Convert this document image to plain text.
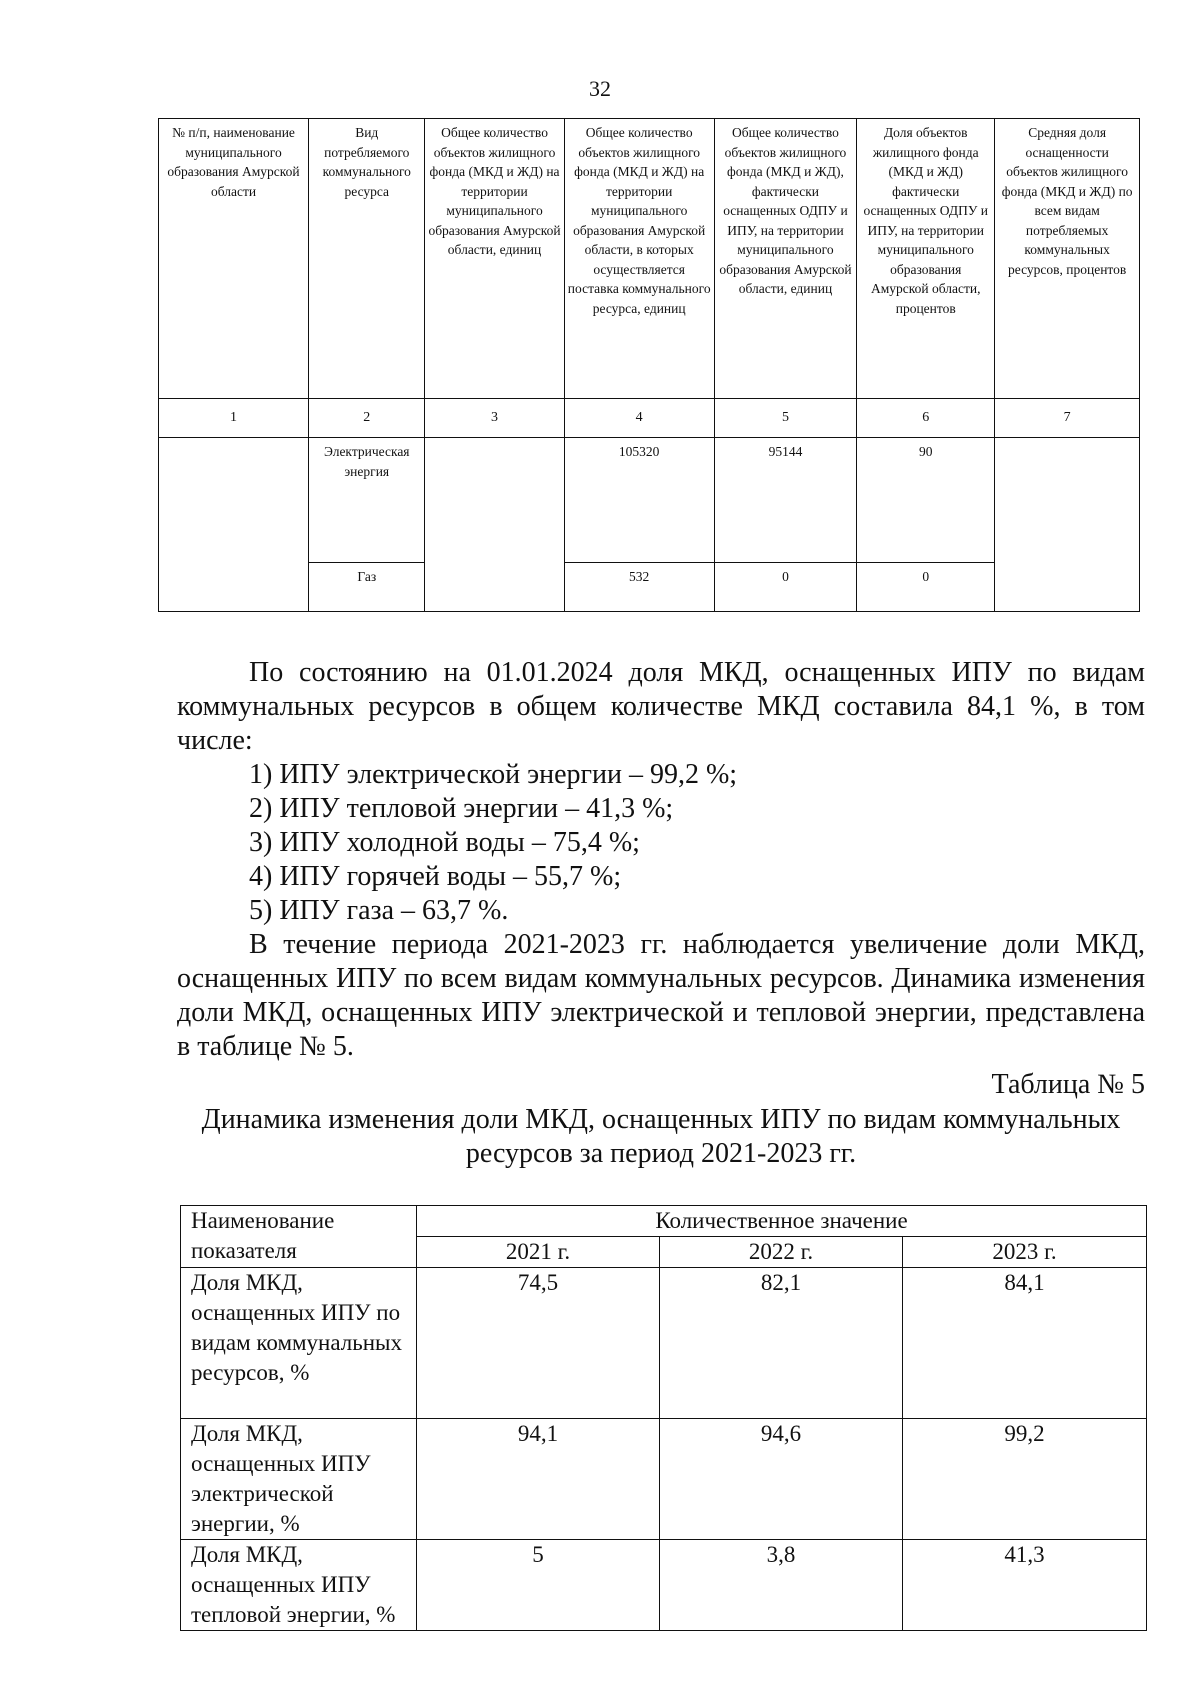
32
№ п/п, наименование муниципального образования Амурской области	Вид потребляемого коммунального ресурса	Общее количество объектов жилищного фонда (МКД и ЖД) на территории муниципального образования Амурской области, единиц	Общее количество объектов жилищного фонда (МКД и ЖД) на территории муниципального образования Амурской области, в которых осуществляется поставка коммунального ресурса, единиц	Общее количество объектов жилищного фонда (МКД и ЖД), фактически оснащенных ОДПУ и ИПУ, на территории муниципального образования Амурской области, единиц	Доля объектов жилищного фонда (МКД и ЖД) фактически оснащенных ОДПУ и ИПУ, на территории муниципального образования Амурской области, процентов	Средняя доля оснащенности объектов жилищного фонда (МКД и ЖД) по всем видам потребляемых коммунальных ресурсов, процентов
1	2	3	4	5	6	7
	Электрическая энергия		105320	95144	90	
	Газ		532	0	0	

По состоянию на 01.01.2024 доля МКД, оснащенных ИПУ по видам коммунальных ресурсов в общем количестве МКД составила 84,1 %, в том числе:

1) ИПУ электрической энергии – 99,2 %;

2) ИПУ тепловой энергии – 41,3 %;

3) ИПУ холодной воды – 75,4 %;

4) ИПУ горячей воды – 55,7 %;

5) ИПУ газа – 63,7 %.

В течение периода 2021-2023 гг. наблюдается увеличение доли МКД, оснащенных ИПУ по всем видам коммунальных ресурсов. Динамика изменения доли МКД, оснащенных ИПУ электрической и тепловой энергии, представлена в таблице № 5.

Таблица № 5
Динамика изменения доли МКД, оснащенных ИПУ по видам коммунальных
ресурсов за период 2021-2023 гг.
Наименование
показателя	Количественное значение		
	2021 г.	2022 г.	2023 г.
Доля МКД, оснащенных ИПУ по видам коммунальных ресурсов, %	74,5	82,1	84,1
Доля МКД, оснащенных ИПУ электрической энергии, %	94,1	94,6	99,2
Доля МКД, оснащенных ИПУ тепловой энергии, %	5	3,8	41,3
